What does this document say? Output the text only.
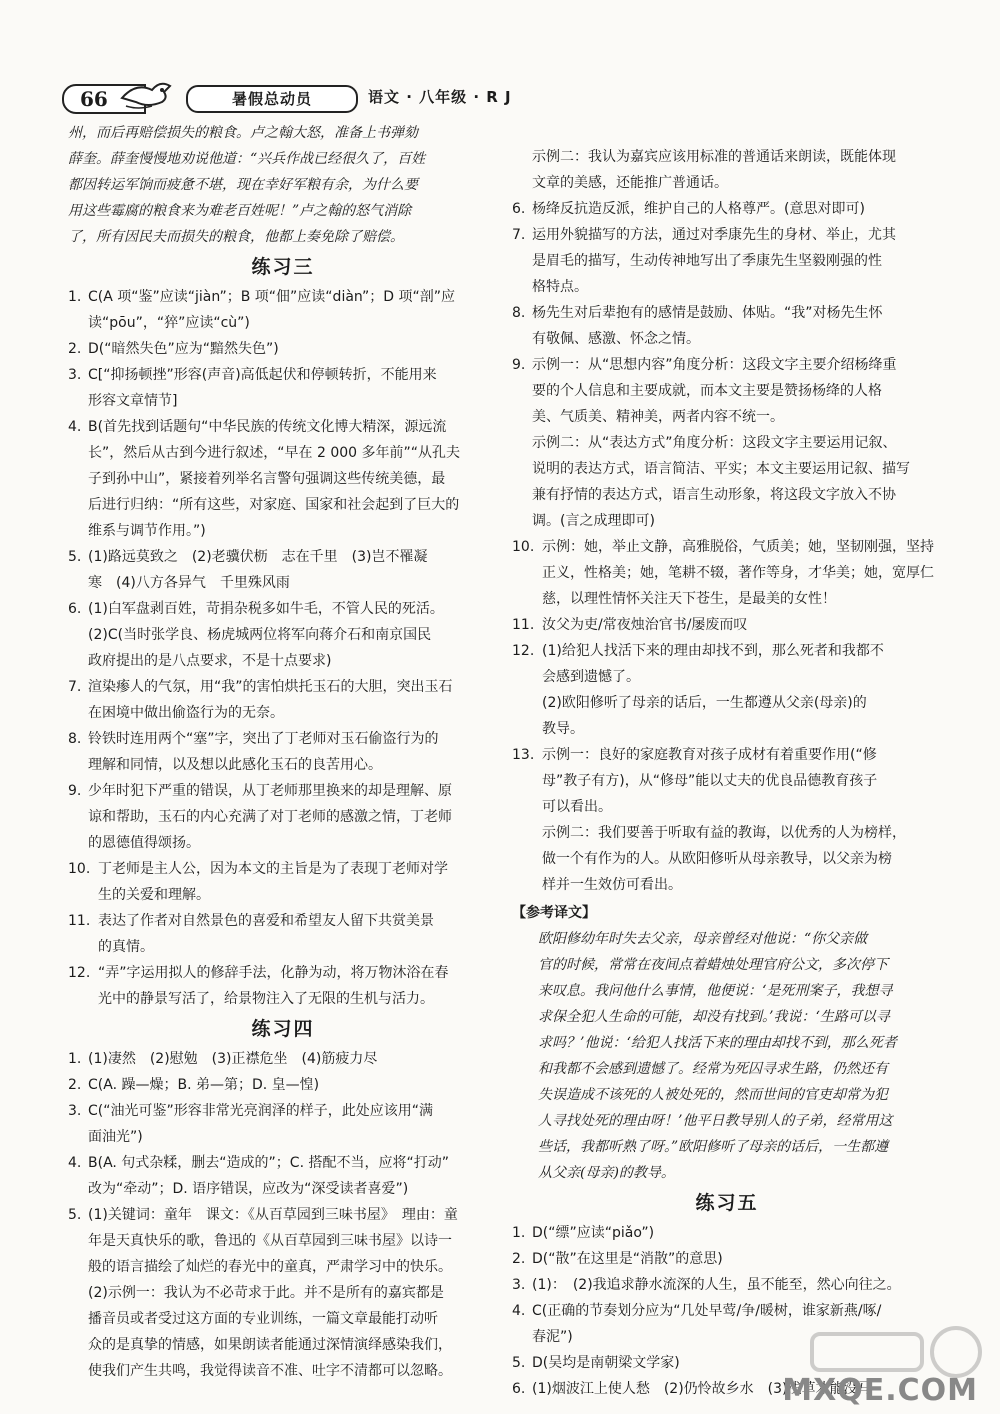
66	暑假总动员	语文 · 八年级 · R J

州，而后再赔偿损失的粮食。卢之翰大怒，准备上书弹劾

薛奎。薛奎慢慢地劝说他道：“兴兵作战已经很久了，百姓

都因转运军饷而疲惫不堪，现在幸好军粮有余，为什么要

用这些霉腐的粮食来为难老百姓呢！”卢之翰的怒气消除

了，所有因民夫而损失的粮食，他都上奏免除了赔偿。

练习三
1. C(A 项“鉴”应读“jiàn”；B 项“佃”应读“diàn”；D 项“剖”应

读“pōu”，“猝”应读“cù”)

2. D(“暗然失色”应为“黯然失色”)

3. C[“抑扬顿挫”形容(声音)高低起伏和停顿转折，不能用来

形容文章情节]

4. B(首先找到话题句“中华民族的传统文化博大精深，源远流

长”，然后从古到今进行叙述，“早在 2 000 多年前”“从孔夫

子到孙中山”，紧接着列举名言警句强调这些传统美德，最

后进行归纳：“所有这些，对家庭、国家和社会起到了巨大的

维系与调节作用。”)

5. (1)路远莫致之　(2)老骥伏枥　志在千里　(3)岂不罹凝

寒　(4)八方各异气　千里殊风雨

6. (1)白军盘剥百姓，苛捐杂税多如牛毛，不管人民的死活。

(2)C(当时张学良、杨虎城两位将军向蒋介石和南京国民

政府提出的是八点要求，不是十点要求)

7. 渲染瘆人的气氛，用“我”的害怕烘托玉石的大胆，突出玉石

在困境中做出偷盗行为的无奈。

8. 铃铁时连用两个“塞”字，突出了丁老师对玉石偷盗行为的

理解和同情，以及想以此感化玉石的良苦用心。

9. 少年时犯下严重的错误，从丁老师那里换来的却是理解、原

谅和帮助，玉石的内心充满了对丁老师的感激之情，丁老师

的恩德值得颂扬。

10. 丁老师是主人公，因为本文的主旨是为了表现丁老师对学

生的关爱和理解。

11. 表达了作者对自然景色的喜爱和希望友人留下共赏美景

的真情。

12. “弄”字运用拟人的修辞手法，化静为动，将万物沐浴在春

光中的静景写活了，给景物注入了无限的生机与活力。

练习四
1. (1)凄然　(2)慰勉　(3)正襟危坐　(4)筋疲力尽

2. C(A. 躁—燥；B. 弟—第；D. 皇—惶)

3. C(“油光可鉴”形容非常光亮润泽的样子，此处应该用“满

面油光”)

4. B(A. 句式杂糅，删去“造成的”；C. 搭配不当，应将“打动”

改为“牵动”；D. 语序错误，应改为“深受读者喜爱”)

5. (1)关键词：童年　课文：《从百草园到三味书屋》　理由：童

年是天真快乐的歌，鲁迅的《从百草园到三味书屋》以诗一

般的语言描绘了灿烂的春光中的童真，严肃学习中的快乐。

(2)示例一：我认为不必苛求于此。并不是所有的嘉宾都是

播音员或者受过这方面的专业训练，一篇文章最能打动听

众的是真挚的情感，如果朗读者能通过深情演绎感染我们，

使我们产生共鸣，我觉得读音不准、吐字不清都可以忽略。

示例二：我认为嘉宾应该用标准的普通话来朗读，既能体现

文章的美感，还能推广普通话。

6. 杨绛反抗造反派，维护自己的人格尊严。(意思对即可)

7. 运用外貌描写的方法，通过对季康先生的身材、举止，尤其

是眉毛的描写，生动传神地写出了季康先生坚毅刚强的性

格特点。

8. 杨先生对后辈抱有的感情是鼓励、体贴。“我”对杨先生怀

有敬佩、感激、怀念之情。

9. 示例一：从“思想内容”角度分析：这段文字主要介绍杨绛重

要的个人信息和主要成就，而本文主要是赞扬杨绛的人格

美、气质美、精神美，两者内容不统一。

示例二：从“表达方式”角度分析：这段文字主要运用记叙、

说明的表达方式，语言简洁、平实；本文主要运用记叙、描写

兼有抒情的表达方式，语言生动形象，将这段文字放入不协

调。(言之成理即可)

10. 示例：她，举止文静，高雅脱俗，气质美；她，坚韧刚强，坚持

正义，性格美；她，笔耕不辍，著作等身，才华美；她，宽厚仁

慈，以理性情怀关注天下苍生，是最美的女性！

11. 汝父为吏/常夜烛治官书/屡废而叹

12. (1)给犯人找活下来的理由却找不到，那么死者和我都不

会感到遗憾了。

(2)欧阳修听了母亲的话后，一生都遵从父亲(母亲)的

教导。

13. 示例一：良好的家庭教育对孩子成材有着重要作用(“修

母”教子有方)，从“修母”能以丈夫的优良品德教育孩子

可以看出。

示例二：我们要善于听取有益的教诲，以优秀的人为榜样，

做一个有作为的人。从欧阳修听从母亲教导，以父亲为榜

样并一生效仿可看出。

【参考译文】

欧阳修幼年时失去父亲，母亲曾经对他说：“你父亲做

官的时候，常常在夜间点着蜡烛处理官府公文，多次停下

来叹息。我问他什么事情，他便说：‘是死刑案子，我想寻

求保全犯人生命的可能，却没有找到。’我说：‘生路可以寻

求吗？’他说：‘给犯人找活下来的理由却找不到，那么死者

和我都不会感到遗憾了。经常为死囚寻求生路，仍然还有

失误造成不该死的人被处死的，然而世间的官吏却常为犯

人寻找处死的理由呀！’他平日教导别人的子弟，经常用这

些话，我都听熟了呀。”欧阳修听了母亲的话后，一生都遵

从父亲(母亲)的教导。

练习五
1. D(“缥”应读“piǎo”)

2. D(“散”在这里是“消散”的意思)

3. (1)：　(2)我追求静水流深的人生，虽不能至，然心向往之。

4. C(正确的节奏划分应为“几处早莺/争/暖树，谁家新燕/啄/

春泥”)

5. D(吴均是南朝梁文学家)

6. (1)烟波江上使人愁　(2)仍怜故乡水　(3)浅草才能没马

MXQE.COM
